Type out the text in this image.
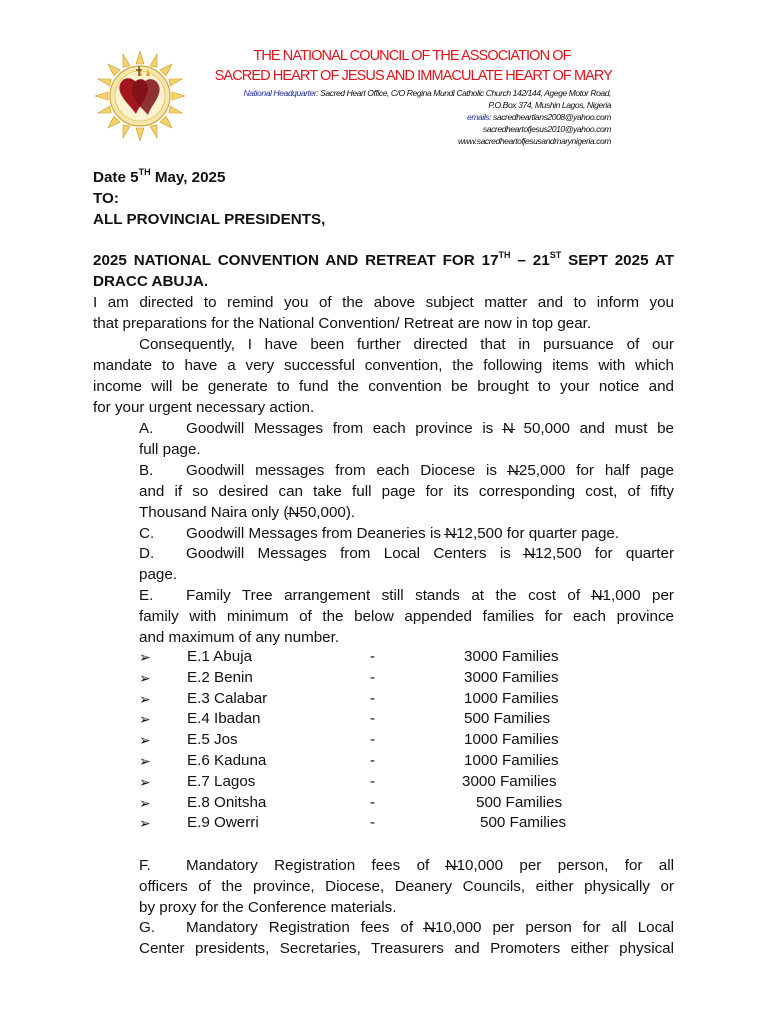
THE NATIONAL COUNCIL OF THE ASSOCIATION OF
SACRED HEART OF JESUS AND IMMACULATE HEART OF MARY
National Headquarter: Sacred Heart Office, C/O Regina Mundi Catholic Church 142/144, Agege Motor Road,
P.O.Box 374, Mushin Lagos, Nigeria
emails: sacredheartlans2008@yahoo.com
sacredheartofjesus2010@yahoo.com
www.sacredheartofjesusandmarynigeria.com
Date 5TH May, 2025
TO:
ALL PROVINCIAL PRESIDENTS,
2025 NATIONAL CONVENTION AND RETREAT FOR 17TH – 21ST SEPT 2025 AT
DRACC ABUJA.
I am directed to remind you of the above subject matter and to inform you
that preparations for the National Convention/ Retreat are now in top gear.
Consequently, I have been further directed that in pursuance of our
mandate to have a very successful convention, the following items with which
income will be generate to fund the convention be brought to your notice and
for your urgent necessary action.
A. Goodwill Messages from each province is N 50,000 and must be
full page.
B. Goodwill messages from each Diocese is N25,000 for half page
and if so desired can take full page for its corresponding cost, of fifty
Thousand Naira only (N50,000).
C. Goodwill Messages from Deaneries is N12,500 for quarter page.
D. Goodwill Messages from Local Centers is N12,500 for quarter
page.
E. Family Tree arrangement still stands at the cost of N1,000 per
family with minimum of the below appended families for each province
and maximum of any number.
➢ E.1 Abuja	-	3000 Families
➢ E.2 Benin	-	3000 Families
➢ E.3 Calabar	-	1000 Families
➢ E.4 Ibadan	-	500 Families
➢ E.5 Jos	-	1000 Families
➢ E.6 Kaduna	-	1000 Families
➢ E.7 Lagos	-	3000 Families
➢ E.8 Onitsha	-	500 Families
➢ E.9 Owerri	-	500 Families
F. Mandatory Registration fees of N10,000 per person, for all
officers of the province, Diocese, Deanery Councils, either physically or
by proxy for the Conference materials.
G. Mandatory Registration fees of N10,000 per person for all Local
Center presidents, Secretaries, Treasurers and Promoters either physical
